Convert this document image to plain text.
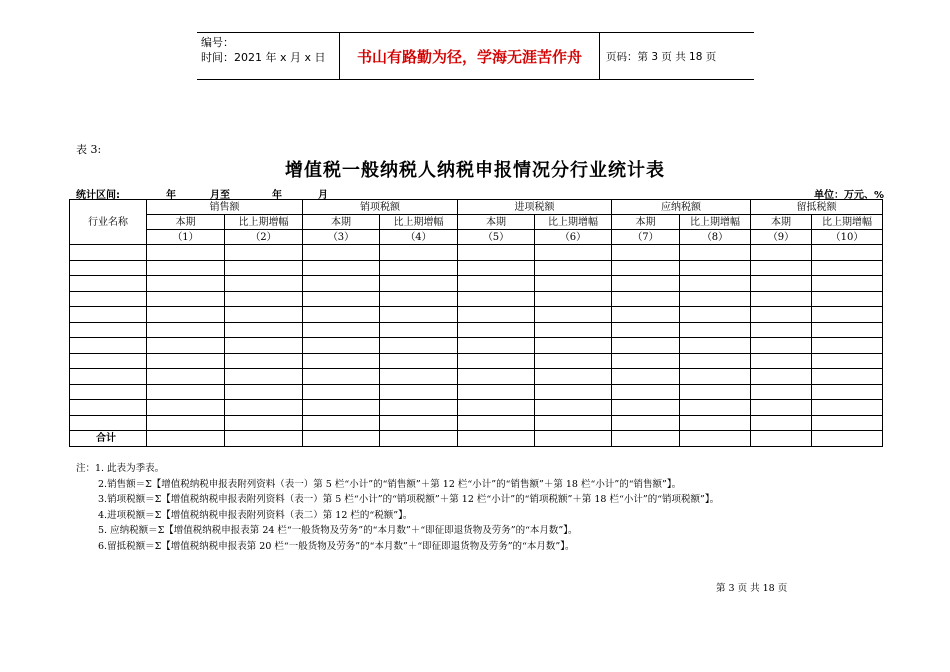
编号：
时间：2021 年 x 月 x 日	书山有路勤为径，学海无涯苦作舟	页码：第 3 页 共 18 页
表 3:
增值税一般纳税人纳税申报情况分行业统计表
统计区间:	年	月至	年	月	单位：万元、%
行业名称	销售额		销项税额		进项税额		应纳税额		留抵税额	
	本期	比上期增幅	本期	比上期增幅	本期	比上期增幅	本期	比上期增幅	本期	比上期增幅
	（1）	（2）	（3）	（4）	（5）	（6）	（7）	（8）	（9）	（10）

合计										

注：1. 此表为季表。

2.销售额＝Σ【增值税纳税申报表附列资料（表一）第 5 栏“小计”的“销售额”＋第 12 栏“小计”的“销售额”＋第 18 栏“小计”的“销售额”】。

3.销项税额＝Σ【增值税纳税申报表附列资料（表一）第 5 栏“小计”的“销项税额”＋第 12 栏“小计”的“销项税额”＋第 18 栏“小计”的“销项税额”】。

4.进项税额＝Σ【增值税纳税申报表附列资料（表二）第 12 栏的“税额”】。

5. 应纳税额＝Σ【增值税纳税申报表第 24 栏“一般货物及劳务”的“本月数”＋“即征即退货物及劳务”的“本月数”】。

6.留抵税额＝Σ【增值税纳税申报表第 20 栏“一般货物及劳务”的“本月数”＋“即征即退货物及劳务”的“本月数”】。

第 3 页 共 18 页
